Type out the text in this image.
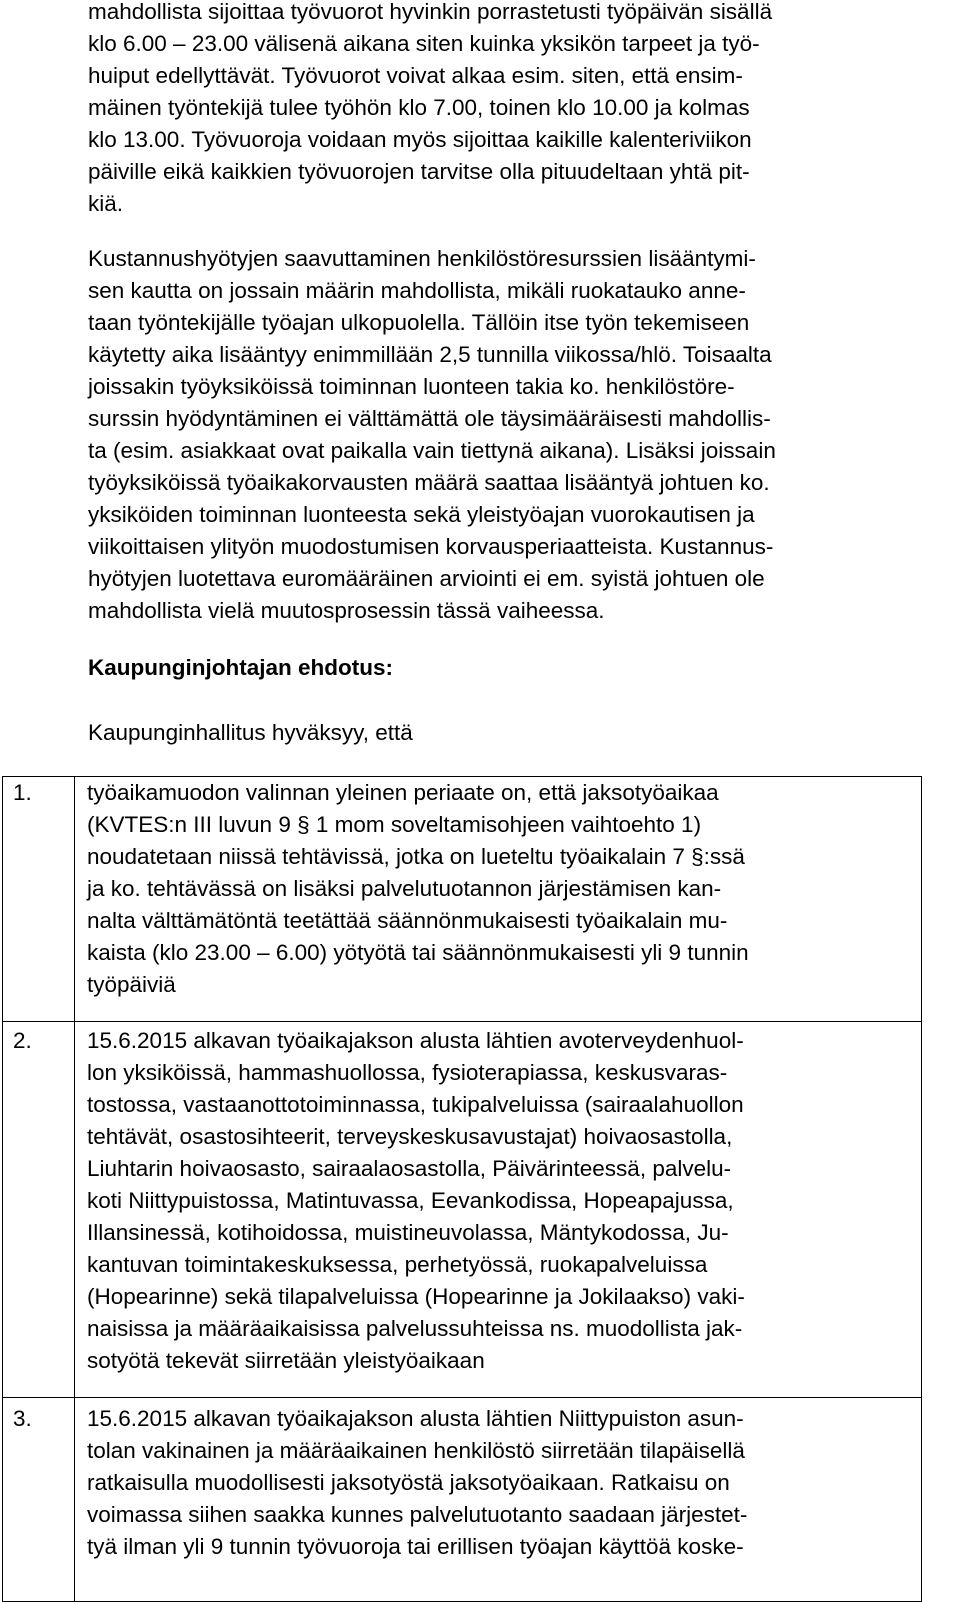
mahdollista sijoittaa työvuorot hyvinkin porrastetusti työpäivän sisällä
klo 6.00 – 23.00 välisenä aikana siten kuinka yksikön tarpeet ja työ-
huiput edellyttävät. Työvuorot voivat alkaa esim. siten, että ensim-
mäinen työntekijä tulee työhön klo 7.00, toinen klo 10.00 ja kolmas
klo 13.00. Työvuoroja voidaan myös sijoittaa kaikille kalenteriviikon
päiville eikä kaikkien työvuorojen tarvitse olla pituudeltaan yhtä pit-
kiä.
Kustannushyötyjen saavuttaminen henkilöstöresurssien lisääntymi-
sen kautta on jossain määrin mahdollista, mikäli ruokatauko anne-
taan työntekijälle työajan ulkopuolella. Tällöin itse työn tekemiseen
käytetty aika lisääntyy enimmillään 2,5 tunnilla viikossa/hlö. Toisaalta
joissakin työyksiköissä toiminnan luonteen takia ko. henkilöstöre-
surssin hyödyntäminen ei välttämättä ole täysimääräisesti mahdollis-
ta (esim. asiakkaat ovat paikalla vain tiettynä aikana). Lisäksi joissain
työyksiköissä työaikakorvausten määrä saattaa lisääntyä johtuen ko.
yksiköiden toiminnan luonteesta sekä yleistyöajan vuorokautisen ja
viikoittaisen ylityön muodostumisen korvausperiaatteista. Kustannus-
hyötyjen luotettava euromääräinen arviointi ei em. syistä johtuen ole
mahdollista vielä muutosprosessin tässä vaiheessa.
Kaupunginjohtajan ehdotus:
Kaupunginhallitus hyväksyy, että
1. työaikamuodon valinnan yleinen periaate on, että jaksotyöaikaa
(KVTES:n III luvun 9 § 1 mom soveltamisohjeen vaihtoehto 1)
noudatetaan niissä tehtävissä, jotka on lueteltu työaikalain 7 §:ssä
ja ko. tehtävässä on lisäksi palvelutuotannon järjestämisen kan-
nalta välttämätöntä teetättää säännönmukaisesti työaikalain mu-
kaista (klo 23.00 – 6.00) yötyötä tai säännönmukaisesti yli 9 tunnin
työpäiviä
2. 15.6.2015 alkavan työaikajakson alusta lähtien avoterveydenhuol-
lon yksiköissä, hammashuollossa, fysioterapiassa, keskusvaras-
tostossa, vastaanottotoiminnassa, tukipalveluissa (sairaalahuollon
tehtävät, osastosihteerit, terveyskeskusavustajat) hoivaosastolla,
Liuhtarin hoivaosasto, sairaalaosastolla, Päivärinteessä, palvelu-
koti Niittypuistossa, Matintuvassa, Eevankodissa, Hopeapajussa,
Illansinessä, kotihoidossa, muistineuvolassa, Mäntykodossa, Ju-
kantuvan toimintakeskuksessa, perhetyössä, ruokapalveluissa
(Hopearinne) sekä tilapalveluissa (Hopearinne ja Jokilaakso) vaki-
naisissa ja määräaikaisissa palvelussuhteissa ns. muodollista jak-
sotyötä tekevät siirretään yleistyöaikaan
3. 15.6.2015 alkavan työaikajakson alusta lähtien Niittypuiston asun-
tolan vakinainen ja määräaikainen henkilöstö siirretään tilapäisellä
ratkaisulla muodollisesti jaksotyöstä jaksotyöaikaan. Ratkaisu on
voimassa siihen saakka kunnes palvelutuotanto saadaan järjestet-
tyä ilman yli 9 tunnin työvuoroja tai erillisen työajan käyttöä koske-
